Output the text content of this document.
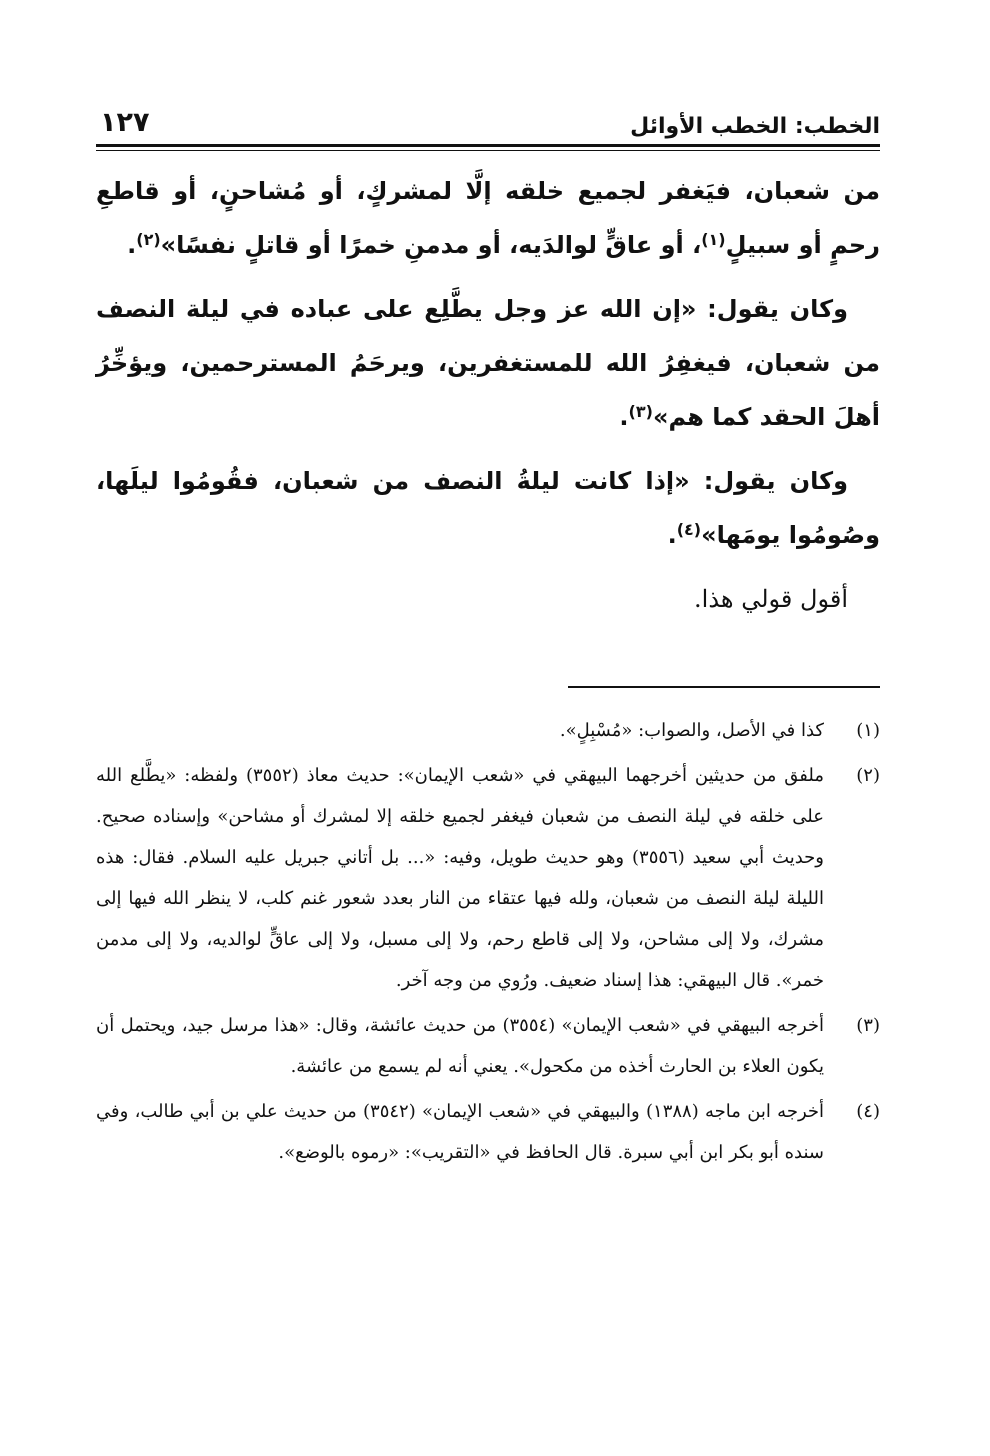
الخطب: الخطب الأوائل
١٢٧

من شعبان، فيَغفر لجميع خلقه إلَّا لمشركٍ، أو مُشاحنٍ، أو قاطعِ رحمٍ أو سبيلٍ$^{(١)}$، أو عاقٍّ لوالدَيه، أو مدمنِ خمرًا أو قاتلٍ نفسًا»$^{(٢)}$.

وكان يقول: «إن الله عز وجل يطَّلِع على عباده في ليلة النصف من شعبان، فيغفِرُ الله للمستغفرين، ويرحَمُ المسترحمين، ويؤخِّرُ أهلَ الحقد كما هم»$^{(٣)}$.

وكان يقول: «إذا كانت ليلةُ النصف من شعبان، فقُومُوا ليلَها، وصُومُوا يومَها»$^{(٤)}$.

أقول قولي هذا.

(١)
كذا في الأصل، والصواب: «مُسْبِلٍ».
(٢)
ملفق من حديثين أخرجهما البيهقي في «شعب الإيمان»: حديث معاذ (٣٥٥٢) ولفظه: «يطَّلع الله على خلقه في ليلة النصف من شعبان فيغفر لجميع خلقه إلا لمشرك أو مشاحن» وإسناده صحيح. وحديث أبي سعيد (٣٥٥٦) وهو حديث طويل، وفيه: «... بل أتاني جبريل عليه السلام. فقال: هذه الليلة ليلة النصف من شعبان، ولله فيها عتقاء من النار بعدد شعور غنم كلب، لا ينظر الله فيها إلى مشرك، ولا إلى مشاحن، ولا إلى قاطع رحم، ولا إلى مسبل، ولا إلى عاقٍّ لوالديه، ولا إلى مدمن خمر». قال البيهقي: هذا إسناد ضعيف. ورُوي من وجه آخر.
(٣)
أخرجه البيهقي في «شعب الإيمان» (٣٥٥٤) من حديث عائشة، وقال: «هذا مرسل جيد، ويحتمل أن يكون العلاء بن الحارث أخذه من مكحول». يعني أنه لم يسمع من عائشة.
(٤)
أخرجه ابن ماجه (١٣٨٨) والبيهقي في «شعب الإيمان» (٣٥٤٢) من حديث علي بن أبي طالب، وفي سنده أبو بكر ابن أبي سبرة. قال الحافظ في «التقريب»: «رموه بالوضع».
